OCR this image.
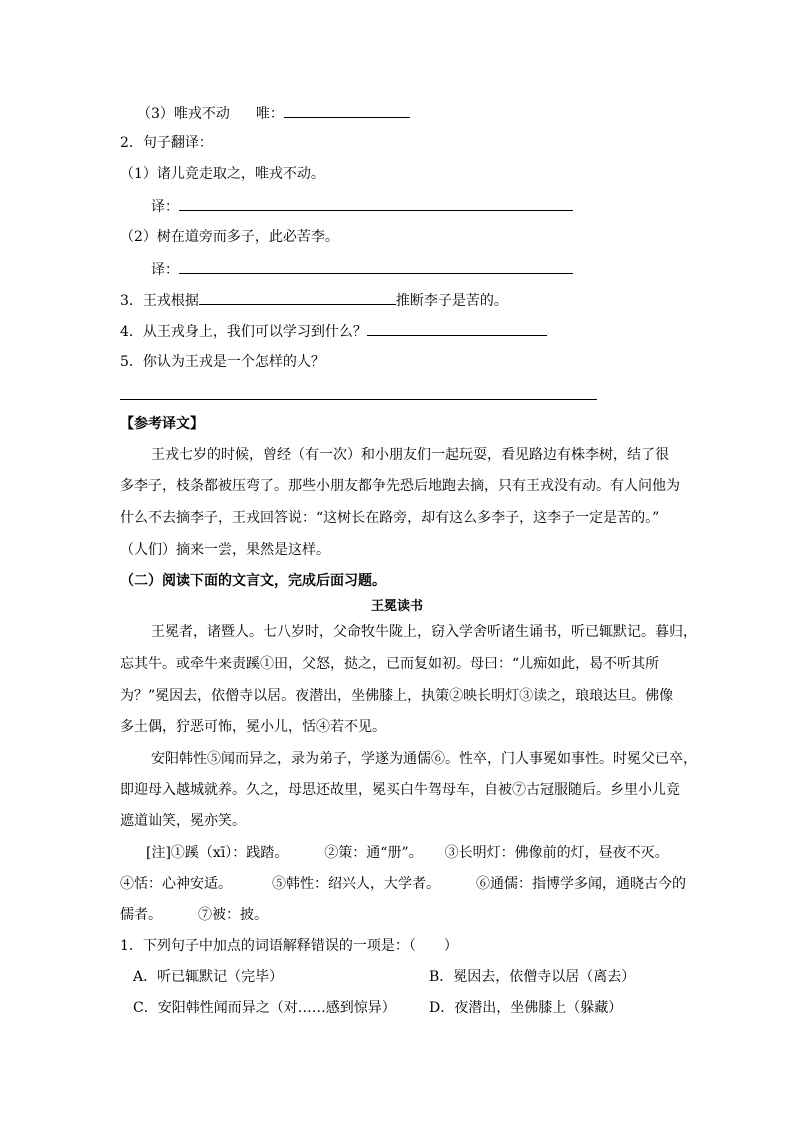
（3）唯戎不动 唯：
2．句子翻译：
（1）诸儿竞走取之，唯戎不动。
译：
（2）树在道旁而多子，此必苦李。
译：
3．王戎根据	推断李子是苦的。
4．从王戎身上，我们可以学习到什么？
5．你认为王戎是一个怎样的人？
【参考译文】
王戎七岁的时候，曾经（有一次）和小朋友们一起玩耍，看见路边有株李树，结了很
多李子，枝条都被压弯了。那些小朋友都争先恐后地跑去摘，只有王戎没有动。有人问他为
什么不去摘李子，王戎回答说：“这树长在路旁，却有这么多李子，这李子一定是苦的。”
（人们）摘来一尝，果然是这样。
（二）阅读下面的文言文，完成后面习题。
王冕读书
王冕者，诸暨人。七八岁时，父命牧牛陇上，窃入学舍听诸生诵书，听已辄默记。暮归，
忘其牛。或牵牛来责蹊①田，父怒，挞之，已而复如初。母曰：“儿痴如此，曷不听其所
为？”冕因去，依僧寺以居。夜潜出，坐佛膝上，执策②映长明灯③读之，琅琅达旦。佛像
多土偶，狞恶可怖，冕小儿，恬④若不见。
安阳韩性⑤闻而异之，录为弟子，学遂为通儒⑥。性卒，门人事冕如事性。时冕父已卒，
即迎母入越城就养。久之，母思还故里，冕买白牛驾母车，自被⑦古冠服随后。乡里小儿竞
遮道讪笑，冕亦笑。
[注]①蹊（xī）：践踏。	②策：通“册”。 ③长明灯：佛像前的灯，昼夜不灭。
④恬：心神安适。	⑤韩性：绍兴人，大学者。	⑥通儒：指博学多闻，通晓古今的
儒者。	⑦被：披。
1．下列句子中加点的词语解释错误的一项是：（　　）
A．听已辄默记（完毕）	B．冕因去，依僧寺以居（离去）
C．安阳韩性闻而异之（对……感到惊异） D．夜潜出，坐佛膝上（躲藏）
